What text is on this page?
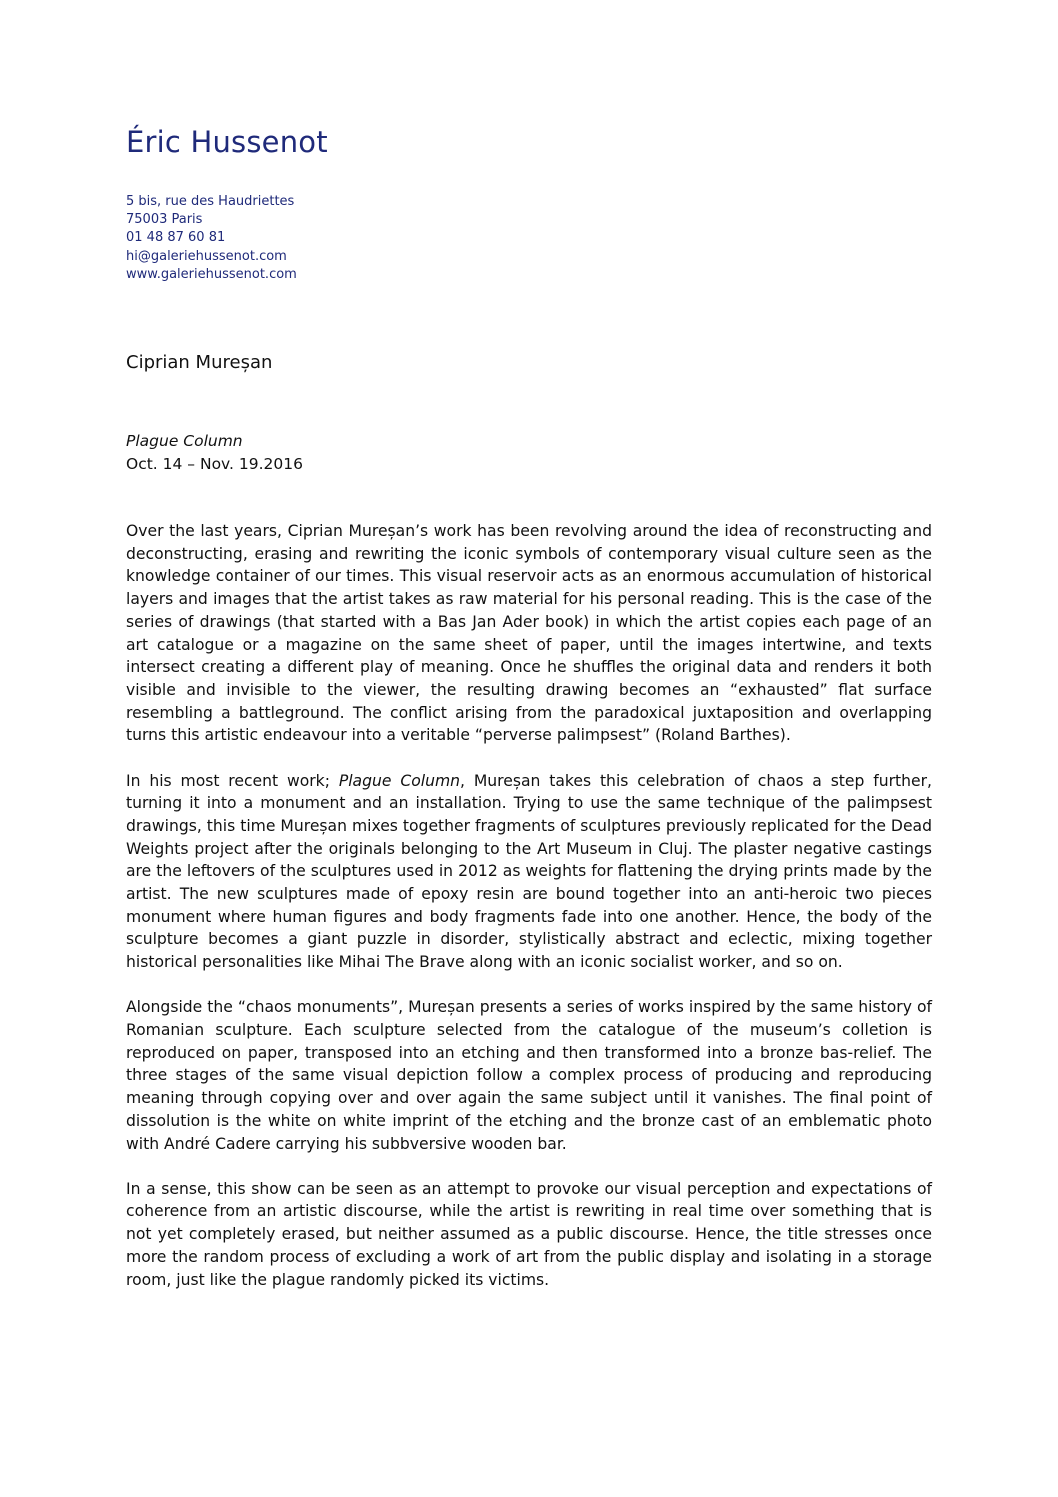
Éric Hussenot
5 bis, rue des Haudriettes
75003 Paris
01 48 87 60 81
hi@galeriehussenot.com
www.galeriehussenot.com
Ciprian Mureșan
Plague Column
Oct. 14 – Nov. 19.2016

Over the last years, Ciprian Mureșan’s work has been revolving around the idea of reconstructing and deconstructing, erasing and rewriting the iconic symbols of contemporary visual culture seen as the knowledge container of our times. This visual reservoir acts as an enormous accumulation of historical layers and images that the artist takes as raw material for his personal reading. This is the case of the series of drawings (that started with a Bas Jan Ader book) in which the artist copies each page of an art catalogue or a magazine on the same sheet of paper, until the images intertwine, and texts intersect creating a different play of meaning. Once he shuffles the original data and renders it both visible and invisible to the viewer, the resulting drawing becomes an “exhausted” flat surface resembling a battleground. The conflict arising from the paradoxical juxtaposition and overlapping turns this artistic endeavour into a veritable “perverse palimpsest” (Roland Barthes).

In his most recent work; Plague Column, Mureșan takes this celebration of chaos a step further, turning it into a monument and an installation. Trying to use the same technique of the palimpsest drawings, this time Mureșan mixes together fragments of sculptures previously replicated for the Dead Weights project after the originals belonging to the Art Museum in Cluj. The plaster negative castings are the leftovers of the sculptures used in 2012 as weights for flattening the drying prints made by the artist. The new sculptures made of epoxy resin are bound together into an anti-heroic two pieces monument where human figures and body fragments fade into one another. Hence, the body of the sculpture becomes a giant puzzle in disorder, stylistically abstract and eclectic, mixing together historical personalities like Mihai The Brave along with an iconic socialist worker, and so on.

Alongside the “chaos monuments”, Mureșan presents a series of works inspired by the same history of Romanian sculpture. Each sculpture selected from the catalogue of the museum’s colletion is reproduced on paper, transposed into an etching and then transformed into a bronze bas-relief. The three stages of the same visual depiction follow a complex process of producing and reproducing meaning through copying over and over again the same subject until it vanishes. The final point of dissolution is the white on white imprint of the etching and the bronze cast of an emblematic photo with André Cadere carrying his subbversive wooden bar.

In a sense, this show can be seen as an attempt to provoke our visual perception and expectations of coherence from an artistic discourse, while the artist is rewriting in real time over something that is not yet completely erased, but neither assumed as a public discourse. Hence, the title stresses once more the random process of excluding a work of art from the public display and isolating in a storage room, just like the plague randomly picked its victims.
